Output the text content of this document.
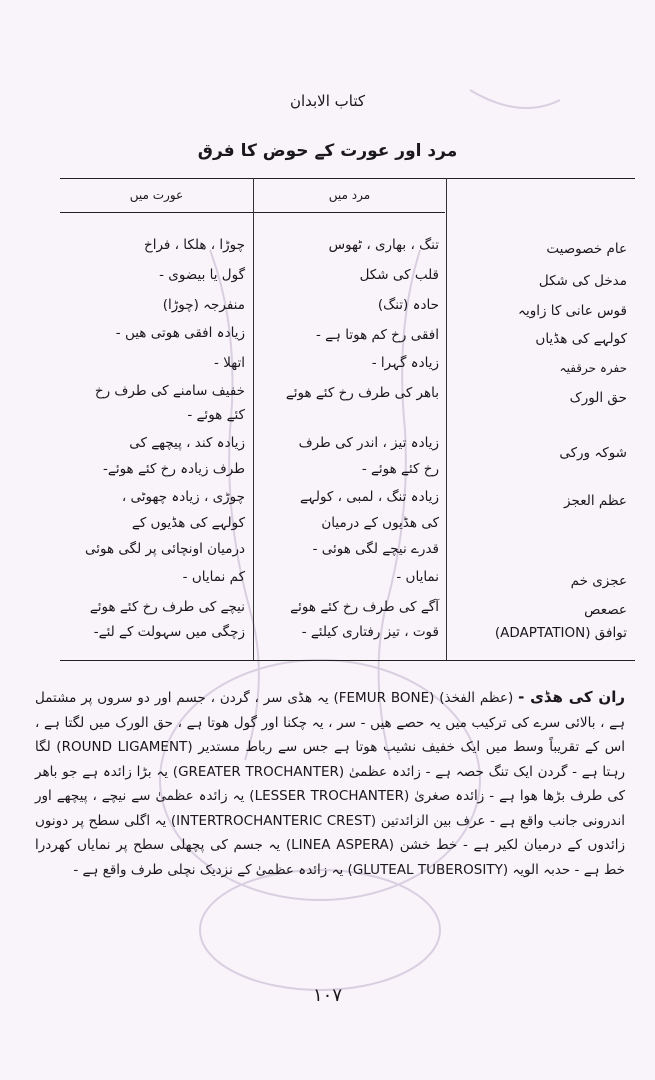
کتاب الابدان
مرد اور عورت کے حوض کا فرق
عورت میں	مرد میں
عام خصوصیت
مدخل کی شکل
قوس عانی کا زاویہ
کولہے کی ھڈیاں
حفرہ حرقفیہ
حق الورک
شوکہ ورکی
عظم العجز
عجزی خم
عصعص
توافق (ADAPTATION)
تنگ ، بھاری ، ٹھوس
قلب کی شکل
حادہ (تنگ)
افقی رخ کم ھوتا ہے -
زیادہ گہرا -
باھر کی طرف رخ کئے ھوئے
زیادہ تیز ، اندر کی طرف
رخ کئے ھوئے -
زیادہ تنگ ، لمبی ، کولہے
کی ھڈیوں کے درمیان
قدرے نیچے لگی ھوئی -
نمایاں -
آگے کی طرف رخ کئے ھوئے
قوت ، تیز رفتاری کیلئے -
چوڑا ، ھلکا ، فراخ
گول یا بیضوی -
منفرجہ (چوڑا)
زیادہ افقی ھوتی ھیں -
اتھلا -
خفیف سامنے کی طرف رخ
کئے ھوئے -
زیادہ کند ، پیچھے کی
طرف زیادہ رخ کئے ھوئے-
چوڑی ، زیادہ چھوٹی ،
کولہے کی ھڈیوں کے
درمیان اونچائی پر لگی ھوئی
کم نمایاں -
نیچے کی طرف رخ کئے ھوئے
زچگی میں سہولت کے لئے-
ران کی ھڈی - (عظم الفخذ) (FEMUR BONE) یہ ھڈی سر ، گردن ، جسم اور دو سروں پر مشتمل ہے ، بالائی سرے کی ترکیب میں یہ حصے ھیں - سر ، یہ چکنا اور گول ھوتا ہے ، حق الورک میں لگتا ہے ، اس کے تقریباً وسط میں ایک خفیف نشیب ھوتا ہے جس سے رباط مستدیر (ROUND LIGAMENT) لگا رہتا ہے - گردن ایک تنگ حصہ ہے - زائدہ عظمیٰ (GREATER TROCHANTER) یہ بڑا زائدہ ہے جو باھر کی طرف بڑھا ھوا ہے - زائدہ صغریٰ (LESSER TROCHANTER) یہ زائدہ عظمیٰ سے نیچے ، پیچھے اور اندرونی جانب واقع ہے - عرف بین الزائدتین (INTERTROCHANTERIC CREST) یہ اگلی سطح پر دونوں زائدوں کے درمیان لکیر ہے - خط خشن (LINEA ASPERA) یہ جسم کی پچھلی سطح پر نمایاں کھردرا خط ہے - حدبہ الویہ (GLUTEAL TUBEROSITY) یہ زائدہ عظمیٰ کے نزدیک نچلی طرف واقع ہے -
۱۰۷
